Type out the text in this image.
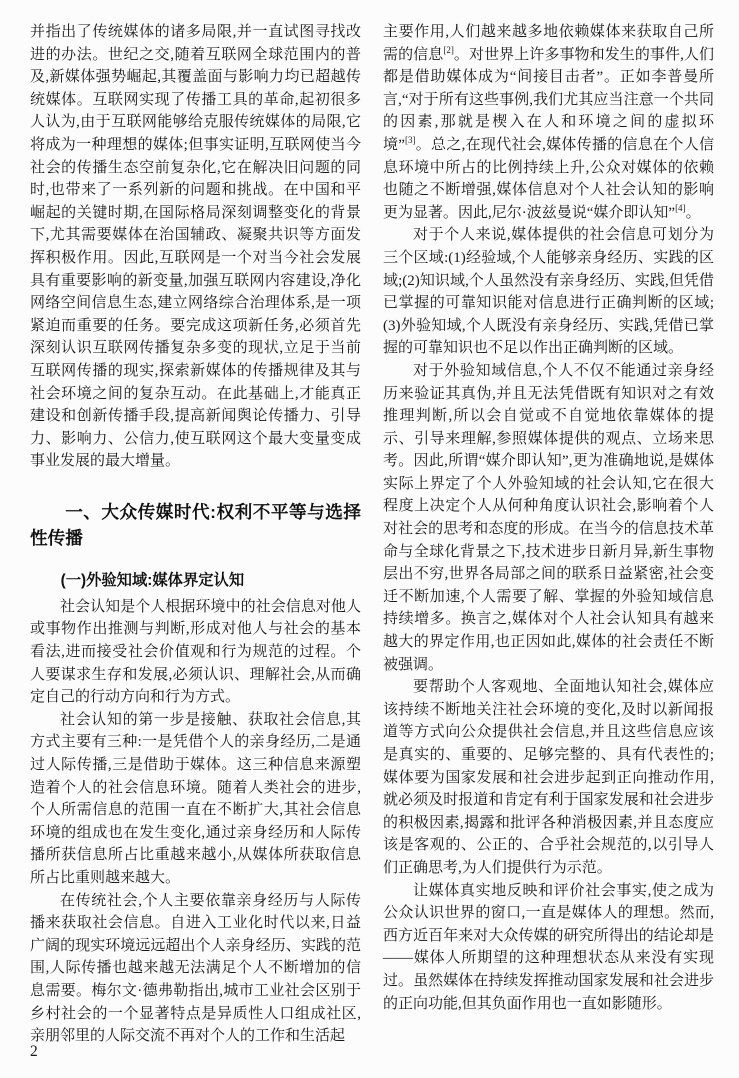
并指出了传统媒体的诸多局限,并一直试图寻找改进的办法。世纪之交,随着互联网全球范围内的普及,新媒体强势崛起,其覆盖面与影响力均已超越传统媒体。互联网实现了传播工具的革命,起初很多人认为,由于互联网能够给克服传统媒体的局限,它将成为一种理想的媒体;但事实证明,互联网使当今社会的传播生态空前复杂化,它在解决旧问题的同时,也带来了一系列新的问题和挑战。在中国和平崛起的关键时期,在国际格局深刻调整变化的背景下,尤其需要媒体在治国辅政、凝聚共识等方面发挥积极作用。因此,互联网是一个对当今社会发展具有重要影响的新变量,加强互联网内容建设,净化网络空间信息生态,建立网络综合治理体系,是一项紧迫而重要的任务。要完成这项新任务,必须首先深刻认识互联网传播复杂多变的现状,立足于当前互联网传播的现实,探索新媒体的传播规律及其与社会环境之间的复杂互动。在此基础上,才能真正建设和创新传播手段,提高新闻舆论传播力、引导力、影响力、公信力,使互联网这个最大变量变成事业发展的最大增量。

一、大众传媒时代:权利不平等与选择性传播
(一)外验知域:媒体界定认知

社会认知是个人根据环境中的社会信息对他人或事物作出推测与判断,形成对他人与社会的基本看法,进而接受社会价值观和行为规范的过程。个人要谋求生存和发展,必须认识、理解社会,从而确定自己的行动方向和行为方式。

社会认知的第一步是接触、获取社会信息,其方式主要有三种:一是凭借个人的亲身经历,二是通过人际传播,三是借助于媒体。这三种信息来源塑造着个人的社会信息环境。随着人类社会的进步,个人所需信息的范围一直在不断扩大,其社会信息环境的组成也在发生变化,通过亲身经历和人际传播所获信息所占比重越来越小,从媒体所获取信息所占比重则越来越大。

在传统社会,个人主要依靠亲身经历与人际传播来获取社会信息。自进入工业化时代以来,日益广阔的现实环境远远超出个人亲身经历、实践的范围,人际传播也越来越无法满足个人不断增加的信息需要。梅尔文·德弗勒指出,城市工业社会区别于乡村社会的一个显著特点是异质性人口组成社区,亲朋邻里的人际交流不再对个人的工作和生活起

主要作用,人们越来越多地依赖媒体来获取自己所需的信息[2]。对世界上许多事物和发生的事件,人们都是借助媒体成为“间接目击者”。正如李普曼所言,“对于所有这些事例,我们尤其应当注意一个共同的因素,那就是楔入在人和环境之间的虚拟环境”[3]。总之,在现代社会,媒体传播的信息在个人信息环境中所占的比例持续上升,公众对媒体的依赖也随之不断增强,媒体信息对个人社会认知的影响更为显著。因此,尼尔·波兹曼说“媒介即认知”[4]。

对于个人来说,媒体提供的社会信息可划分为三个区域:(1)经验域,个人能够亲身经历、实践的区域;(2)知识域,个人虽然没有亲身经历、实践,但凭借已掌握的可靠知识能对信息进行正确判断的区域;(3)外验知域,个人既没有亲身经历、实践,凭借已掌握的可靠知识也不足以作出正确判断的区域。

对于外验知域信息,个人不仅不能通过亲身经历来验证其真伪,并且无法凭借既有知识对之有效推理判断,所以会自觉或不自觉地依靠媒体的提示、引导来理解,参照媒体提供的观点、立场来思考。因此,所谓“媒介即认知”,更为准确地说,是媒体实际上界定了个人外验知域的社会认知,它在很大程度上决定个人从何种角度认识社会,影响着个人对社会的思考和态度的形成。在当今的信息技术革命与全球化背景之下,技术进步日新月异,新生事物层出不穷,世界各局部之间的联系日益紧密,社会变迁不断加速,个人需要了解、掌握的外验知域信息持续增多。换言之,媒体对个人社会认知具有越来越大的界定作用,也正因如此,媒体的社会责任不断被强调。

要帮助个人客观地、全面地认知社会,媒体应该持续不断地关注社会环境的变化,及时以新闻报道等方式向公众提供社会信息,并且这些信息应该是真实的、重要的、足够完整的、具有代表性的;媒体要为国家发展和社会进步起到正向推动作用,就必须及时报道和肯定有利于国家发展和社会进步的积极因素,揭露和批评各种消极因素,并且态度应该是客观的、公正的、合乎社会规范的,以引导人们正确思考,为人们提供行为示范。

让媒体真实地反映和评价社会事实,使之成为公众认识世界的窗口,一直是媒体人的理想。然而,西方近百年来对大众传媒的研究所得出的结论却是——媒体人所期望的这种理想状态从来没有实现过。虽然媒体在持续发挥推动国家发展和社会进步的正向功能,但其负面作用也一直如影随形。

2
